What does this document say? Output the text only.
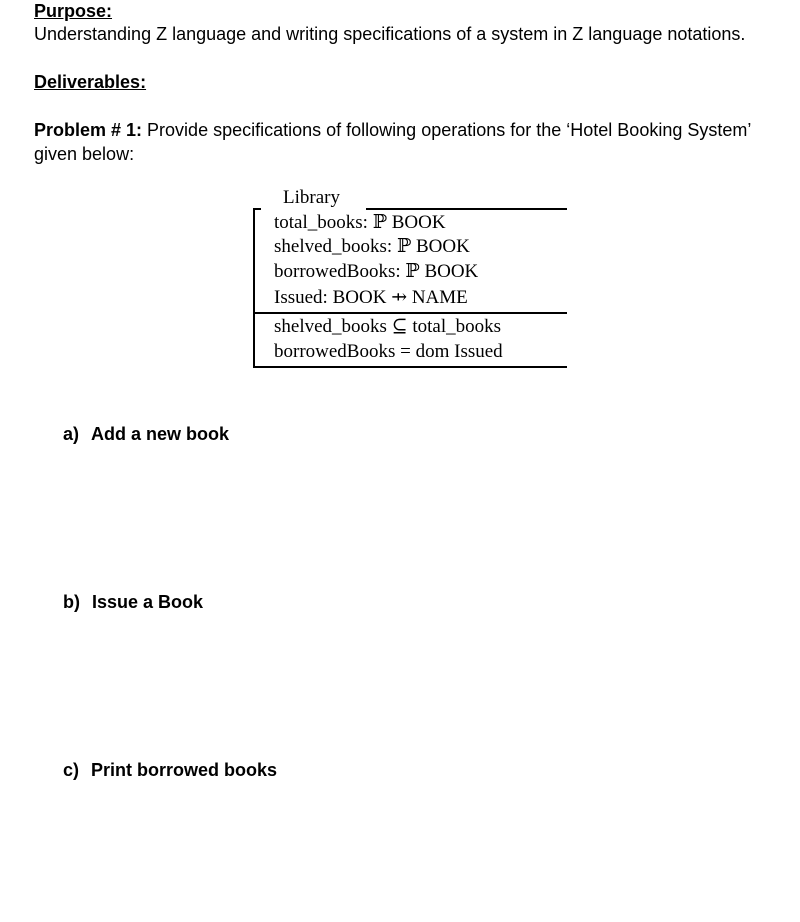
Purpose:
Understanding Z language and writing specifications of a system in Z language notations.
Deliverables:
Problem # 1: Provide specifications of following operations for the ‘Hotel Booking System’
given below:
Library
total_books: ℙ BOOK
shelved_books: ℙ BOOK
borrowedBooks: ℙ BOOK
Issued: BOOK ⇸ NAME
shelved_books ⊆ total_books
borrowedBooks = dom Issued
a) Add a new book
b) Issue a Book
c) Print borrowed books
